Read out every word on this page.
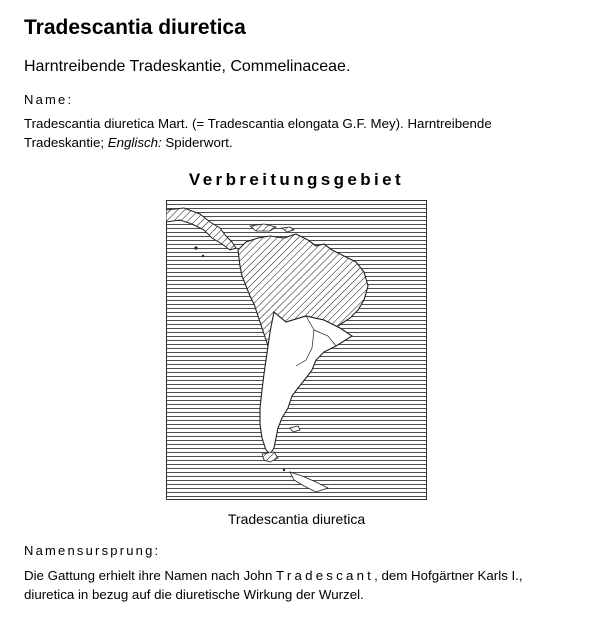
Tradescantia diuretica
Harntreibende Tradeskantie, Commelinaceae.
Name:
Tradescantia diuretica Mart. (= Tradescantia elongata G.F. Mey). Harntreibende Tradeskantie; Englisch: Spiderwort.
Verbreitungsgebiet
Tradescantia diuretica
Namensursprung:
Die Gattung erhielt ihre Namen nach John Tradescant, dem Hofgärtner Karls I., diuretica in bezug auf die diuretische Wirkung der Wurzel.
